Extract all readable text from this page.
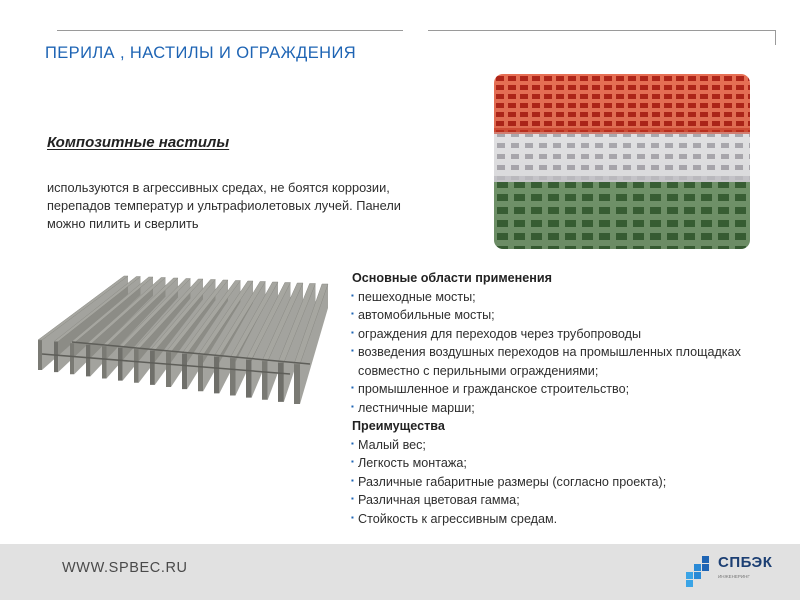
ПЕРИЛА , НАСТИЛЫ И ОГРАЖДЕНИЯ
Композитные настилы
используются в агрессивных средах, не боятся коррозии, перепадов температур и ультрафиолетовых лучей. Панели можно пилить и сверлить
Основные области применения
▪ пешеходные мосты;
▪ автомобильные мосты;
▪ ограждения для переходов через трубопроводы
▪ возведения воздушных переходов на промышленных площадках совместно с перильными ограждениями;
▪ промышленное и гражданское строительство;
▪ лестничные марши;
Преимущества
▪ Малый вес;
▪ Легкость монтажа;
▪ Различные габаритные размеры (согласно проекта);
▪ Различная цветовая гамма;
▪ Стойкость к агрессивным средам.
WWW.SPBEC.RU	СПБЭК
ИНЖЕНЕРИНГ
